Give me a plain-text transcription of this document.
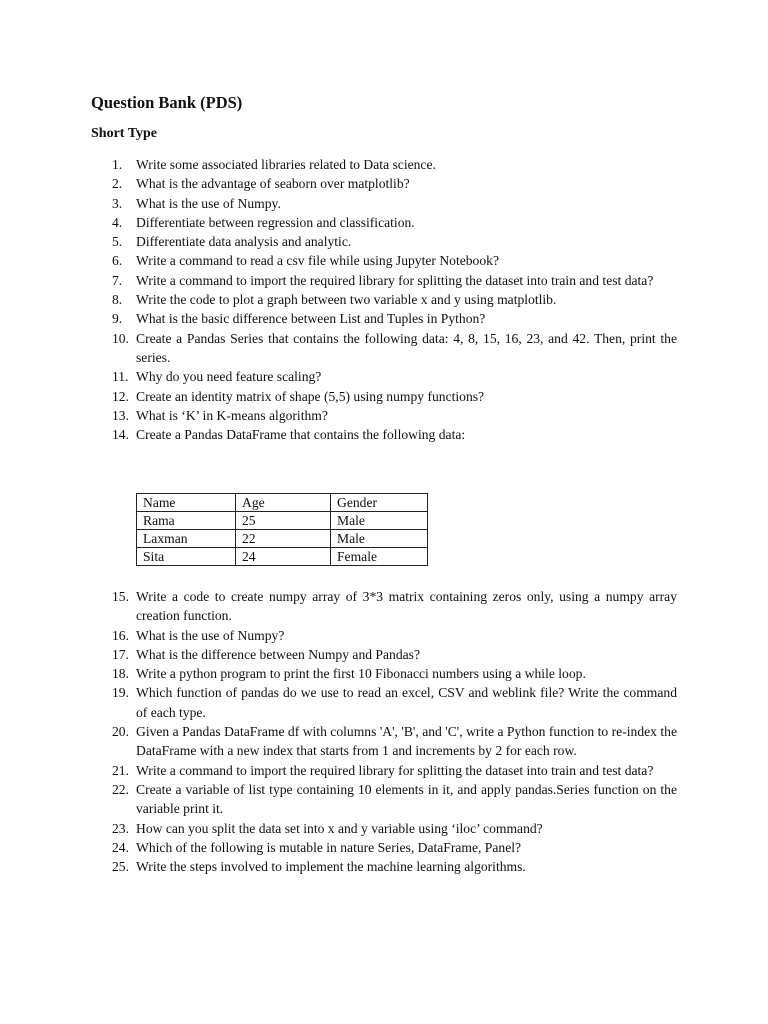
Question Bank (PDS)
Short Type
1. Write some associated libraries related to Data science.
2. What is the advantage of seaborn over matplotlib?
3. What is the use of Numpy.
4. Differentiate between regression and classification.
5. Differentiate data analysis and analytic.
6. Write a command to read a csv file while using Jupyter Notebook?
7. Write a command to import the required library for splitting the dataset into train and test data?
8. Write the code to plot a graph between two variable x and y using matplotlib.
9. What is the basic difference between List and Tuples in Python?
10. Create a Pandas Series that contains the following data: 4, 8, 15, 16, 23, and 42. Then, print the series.
11. Why do you need feature scaling?
12. Create an identity matrix of shape (5,5) using numpy functions?
13. What is ‘K’ in K-means algorithm?
14. Create a Pandas DataFrame that contains the following data:
Name	Age	Gender
Rama	25	Male
Laxman	22	Male
Sita	24	Female
15. Write a code to create numpy array of 3*3 matrix containing zeros only, using a numpy array creation function.
16. What is the use of Numpy?
17. What is the difference between Numpy and Pandas?
18. Write a python program to print the first 10 Fibonacci numbers using a while loop.
19. Which function of pandas do we use to read an excel, CSV and weblink file? Write the command of each type.
20. Given a Pandas DataFrame df with columns 'A', 'B', and 'C', write a Python function to re-index the DataFrame with a new index that starts from 1 and increments by 2 for each row.
21. Write a command to import the required library for splitting the dataset into train and test data?
22. Create a variable of list type containing 10 elements in it, and apply pandas.Series function on the variable print it.
23. How can you split the data set into x and y variable using ‘iloc’ command?
24. Which of the following is mutable in nature Series, DataFrame, Panel?
25. Write the steps involved to implement the machine learning algorithms.
